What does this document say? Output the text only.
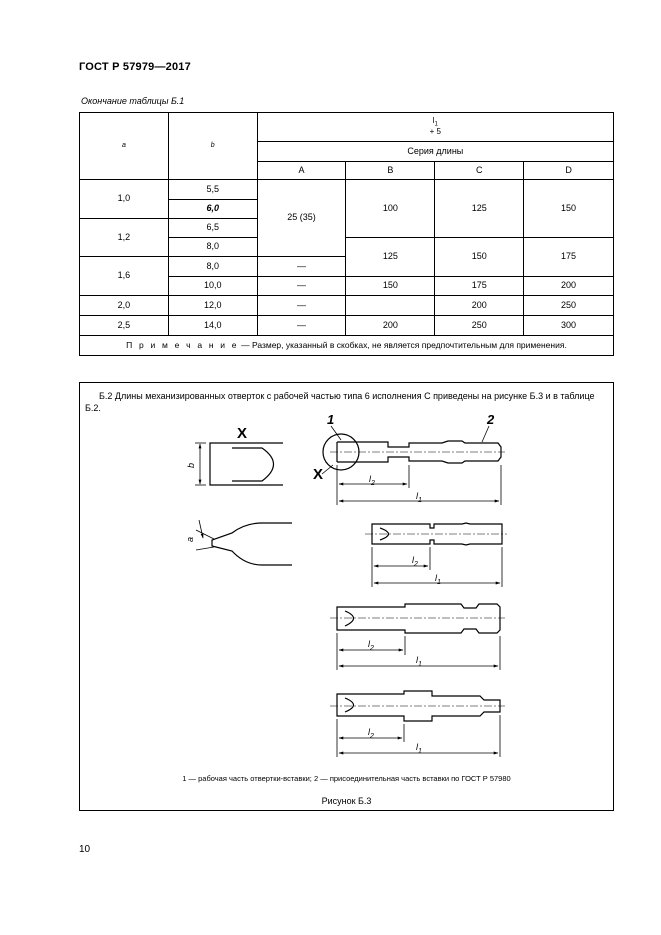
ГОСТ Р 57979—2017
Окончание таблицы Б.1
a	b	$l_1$
+ 5			
		Серия длины			
		A	B	C	D
1,0	5,5	25 (35)	100	125	150
	6,0				
1,2	6,5				
	8,0		125	150	175
1,6	8,0	—			
	10,0	—	150	175	200
2,0	12,0	—		200	250
2,5	14,0	—	200	250	300
П р и м е ч а н и е — Размер, указанный в скобках, не является предпочтительным для применения.					
Б.2 Длины механизированных отверток с рабочей частью типа 6 исполнения С приведены на рисунке Б.3 и в таблице Б.2.
b
X
a
1	2
X	$l_2$
$l_1$
$l_2$
$l_1$
$l_2$
$l_1$
$l_2$
$l_1$
1 — рабочая часть отвертки-вставки; 2 — присоединительная часть вставки по ГОСТ Р 57980
Рисунок Б.3
10
